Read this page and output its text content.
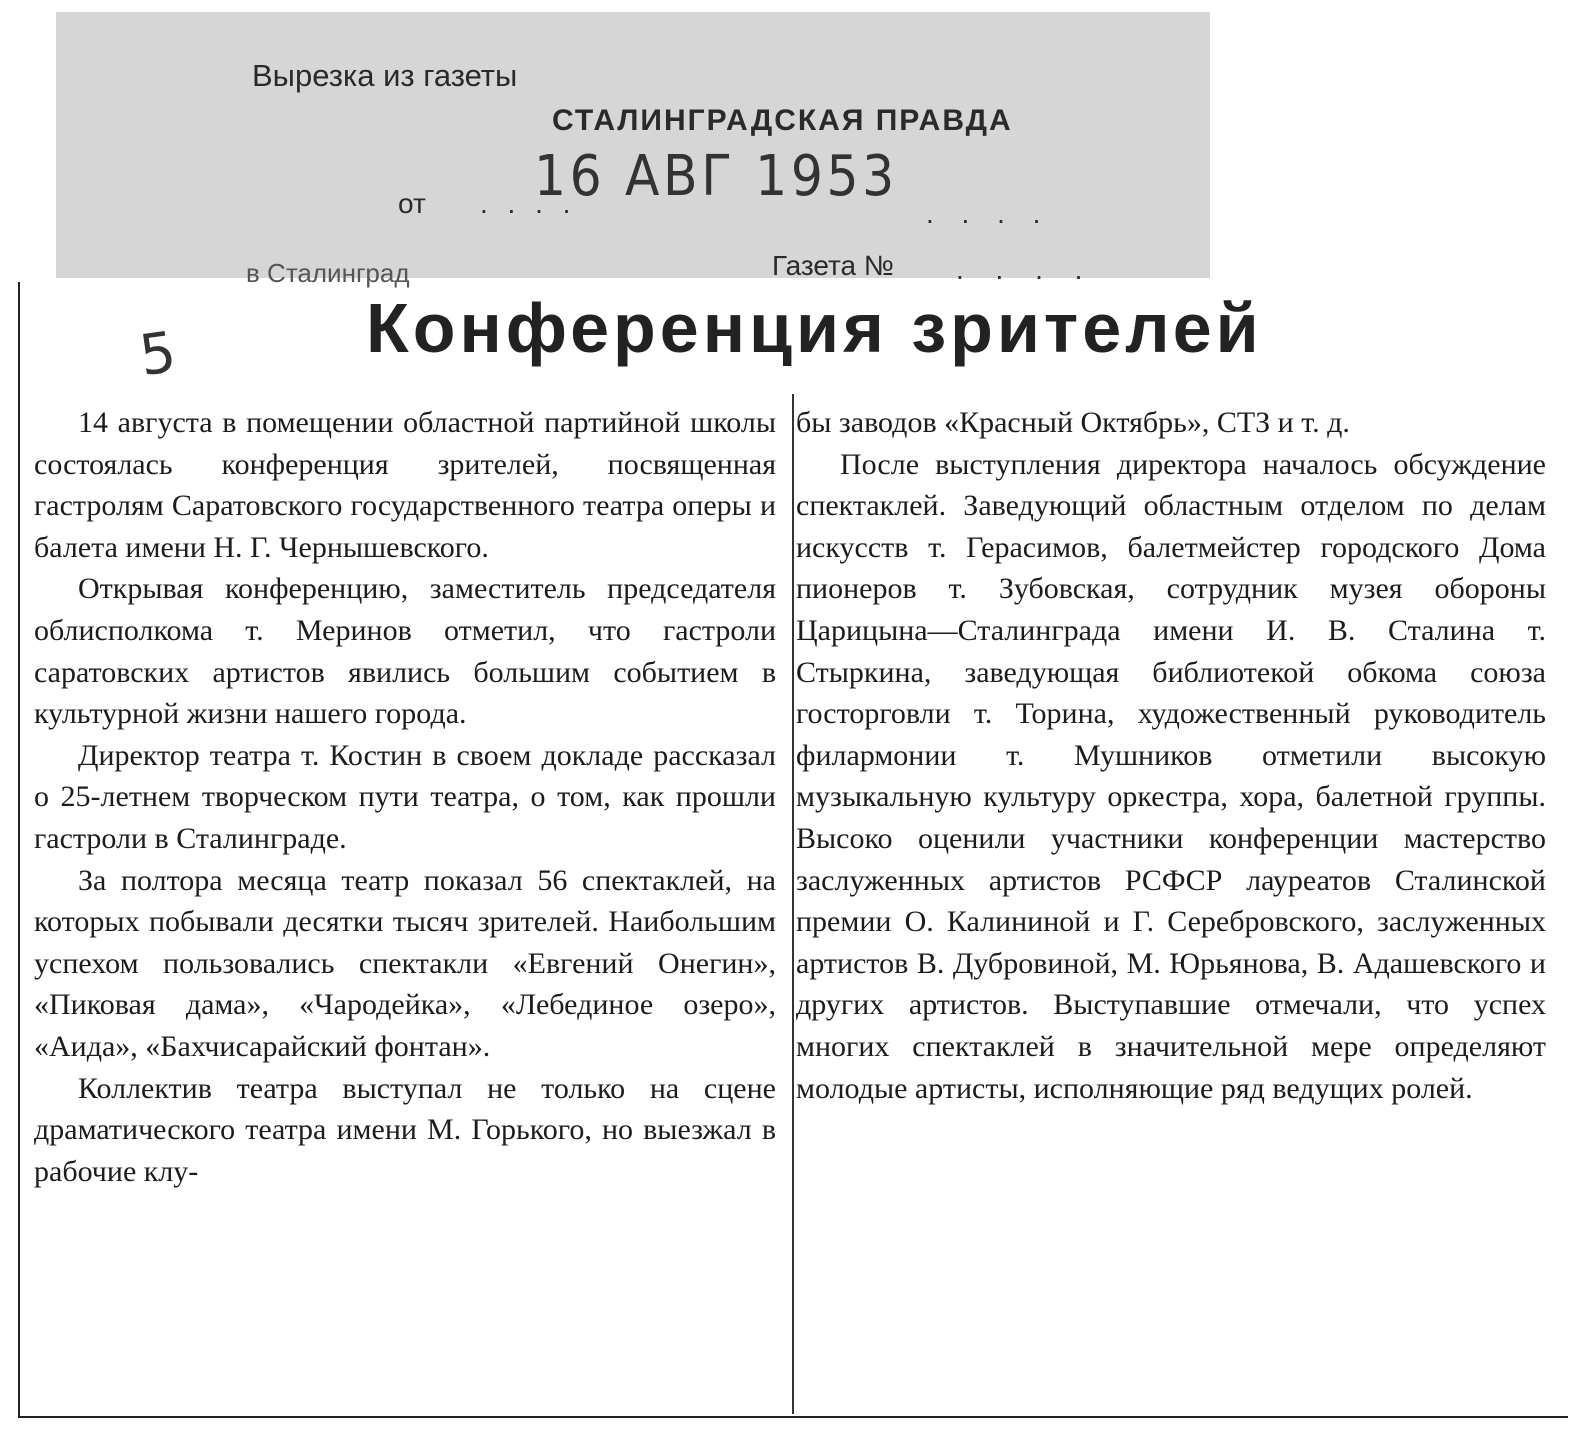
Вырезка из газеты
СТАЛИНГРАДСКАЯ ПРАВДА
от . . . .
16 АВГ 1953
. . . .
в Сталинград	Газета № . . . .
5	Конференция зрителей

14 августа в помещении областной партийной школы состоялась конференция зрителей, посвященная гастролям Саратовского государственного театра оперы и балета имени Н. Г. Чернышевского.

Открывая конференцию, заместитель председателя облисполкома т. Меринов отметил, что гастроли саратовских артистов явились большим событием в культурной жизни нашего города.

Директор театра т. Костин в своем докладе рассказал о 25-летнем творческом пути театра, о том, как прошли гастроли в Сталинграде.

За полтора месяца театр показал 56 спектаклей, на которых побывали десятки тысяч зрителей. Наибольшим успехом пользовались спектакли «Евгений Онегин», «Пиковая дама», «Чародейка», «Лебединое озеро», «Аида», «Бахчисарайский фонтан».

Коллектив театра выступал не только на сцене драматического театра имени М. Горького, но выезжал в рабочие клу-

бы заводов «Красный Октябрь», СТЗ и т. д.

После выступления директора началось обсуждение спектаклей. Заведующий областным отделом по делам искусств т. Герасимов, балетмейстер городского Дома пионеров т. Зубовская, сотрудник музея обороны Царицына—Сталинграда имени И. В. Сталина т. Стыркина, заведующая библиотекой обкома союза госторговли т. Торина, художественный руководитель филармонии т. Мушников отметили высокую музыкальную культуру оркестра, хора, балетной группы. Высоко оценили участники конференции мастерство заслуженных артистов РСФСР лауреатов Сталинской премии О. Калининой и Г. Серебровского, заслуженных артистов В. Дубровиной, М. Юрьянова, В. Адашевского и других артистов. Выступавшие отмечали, что успех многих спектаклей в значительной мере определяют молодые артисты, исполняющие ряд ведущих ролей.
